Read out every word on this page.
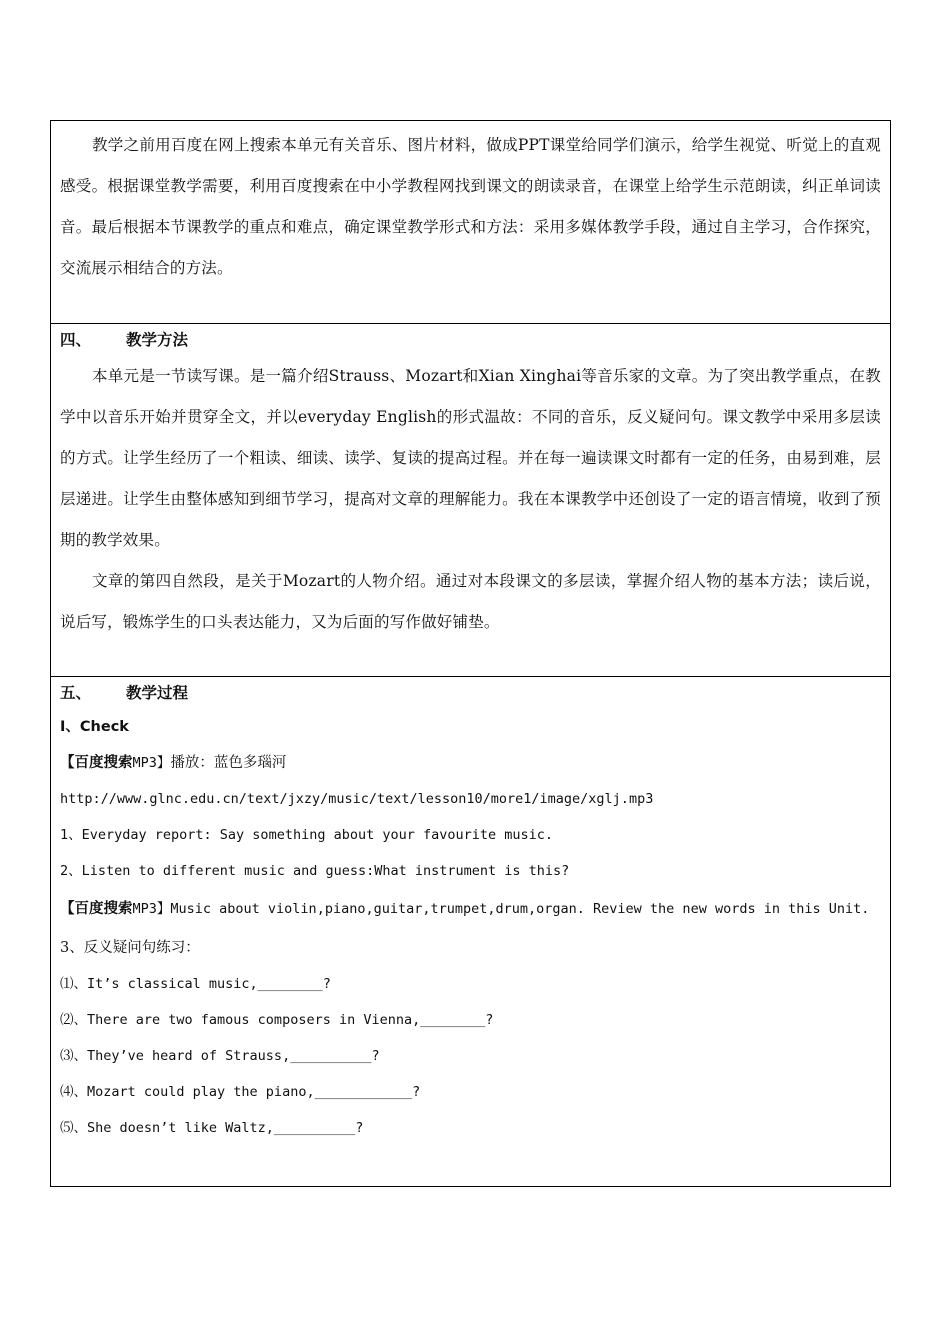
教学之前用百度在网上搜索本单元有关音乐、图片材料，做成PPT课堂给同学们演示，给学生视觉、听觉上的直观感受。根据课堂教学需要，利用百度搜索在中小学教程网找到课文的朗读录音，在课堂上给学生示范朗读，纠正单词读音。最后根据本节课教学的重点和难点，确定课堂教学形式和方法：采用多媒体教学手段，通过自主学习，合作探究，交流展示相结合的方法。

四、 教学方法

本单元是一节读写课。是一篇介绍Strauss、Mozart和Xian Xinghai等音乐家的文章。为了突出教学重点，在教学中以音乐开始并贯穿全文，并以everyday English的形式温故：不同的音乐，反义疑问句。课文教学中采用多层读的方式。让学生经历了一个粗读、细读、读学、复读的提高过程。并在每一遍读课文时都有一定的任务，由易到难，层层递进。让学生由整体感知到细节学习，提高对文章的理解能力。我在本课教学中还创设了一定的语言情境，收到了预期的教学效果。

文章的第四自然段，是关于Mozart的人物介绍。通过对本段课文的多层读，掌握介绍人物的基本方法；读后说，说后写，锻炼学生的口头表达能力，又为后面的写作做好铺垫。

五、 教学过程

Ⅰ、Check

【百度搜索MP3】播放：蓝色多瑙河

http://www.glnc.edu.cn/text/jxzy/music/text/lesson10/more1/image/xglj.mp3

1、Everyday report: Say something about your favourite music.

2、Listen to different music and guess:What instrument is this?

【百度搜索MP3】Music about violin,piano,guitar,trumpet,drum,organ. Review the new words in this Unit.

3、反义疑问句练习：

⑴、It’s classical music,________?

⑵、There are two famous composers in Vienna,________?

⑶、They’ve heard of Strauss,__________?

⑷、Mozart could play the piano,____________?

⑸、She doesn’t like Waltz,__________?
